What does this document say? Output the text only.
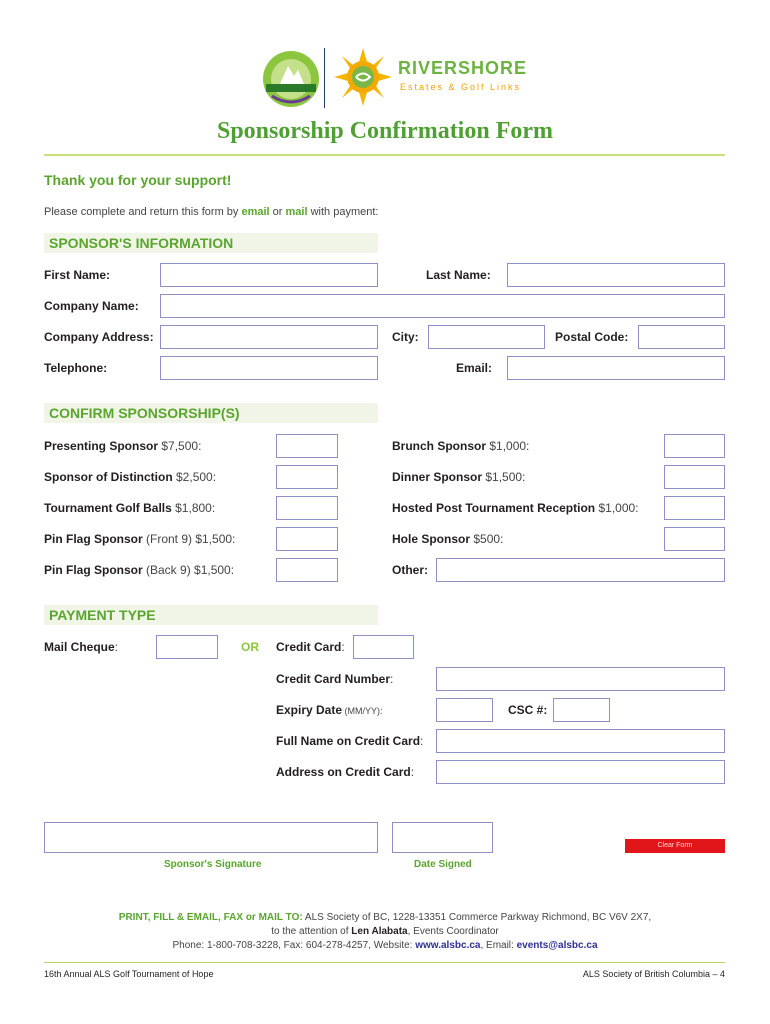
RIVERSHORE
Estates & Golf Links
Sponsorship Confirmation Form
Thank you for your support!
Please complete and return this form by email or mail with payment:
SPONSOR'S INFORMATION
First Name:	Last Name:
Company Name:
Company Address:	City:	Postal Code:
Telephone:	Email:
CONFIRM SPONSORSHIP(S)
Presenting Sponsor $7,500:	Brunch Sponsor $1,000:
Sponsor of Distinction $2,500:	Dinner Sponsor $1,500:
Tournament Golf Balls $1,800:	Hosted Post Tournament Reception $1,000:
Pin Flag Sponsor (Front 9) $1,500:	Hole Sponsor $500:
Pin Flag Sponsor (Back 9) $1,500:	Other:
PAYMENT TYPE
Mail Cheque:	OR Credit Card:
Credit Card Number:
Expiry Date (MM/YY):	CSC #:
Full Name on Credit Card:
Address on Credit Card:
Clear Form
Sponsor's Signature	Date Signed
PRINT, FILL & EMAIL, FAX or MAIL TO: ALS Society of BC, 1228-13351 Commerce Parkway Richmond, BC V6V 2X7,
to the attention of Len Alabata, Events Coordinator
Phone: 1-800-708-3228, Fax: 604-278-4257, Website: www.alsbc.ca, Email: events@alsbc.ca
16th Annual ALS Golf Tournament of Hope	ALS Society of British Columbia – 4
